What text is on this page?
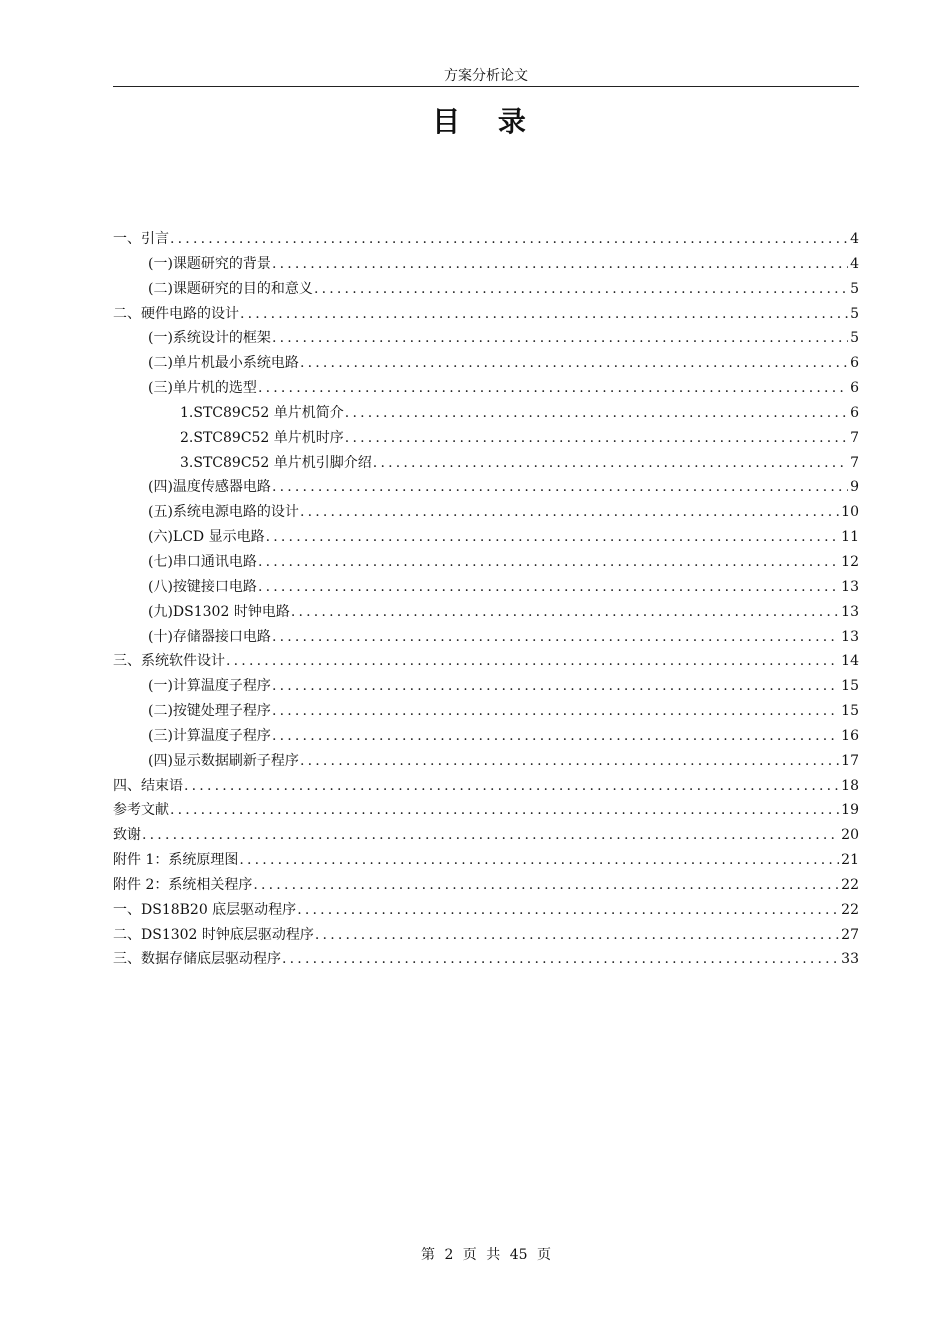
方案分析论文
目 录
一、引言 .....	4
(一)课题研究的背景 .....	4
(二)课题研究的目的和意义 .....	5
二、硬件电路的设计 .....	5
(一)系统设计的框架 .....	5
(二)单片机最小系统电路 .....	6
(三)单片机的选型 .....	6
1.STC89C52 单片机简介 .....	6
2.STC89C52 单片机时序 .....	7
3.STC89C52 单片机引脚介绍 .....	7
(四)温度传感器电路 .....	9
(五)系统电源电路的设计 .....	10
(六)LCD 显示电路 .....	11
(七)串口通讯电路 .....	12
(八)按键接口电路 .....	13
(九)DS1302 时钟电路 .....	13
(十)存储器接口电路 .....	13
三、系统软件设计 .....	14
(一)计算温度子程序 .....	15
(二)按键处理子程序 .....	15
(三)计算温度子程序 .....	16
(四)显示数据刷新子程序 .....	17
四、结束语 .....	18
参考文献 .....	19
致谢 .....	20
附件 1：系统原理图 .....	21
附件 2：系统相关程序 .....	22
一、DS18B20 底层驱动程序 .....	22
二、DS1302 时钟底层驱动程序 .....	27
三、数据存储底层驱动程序 .....	33
第 2 页 共 45 页
